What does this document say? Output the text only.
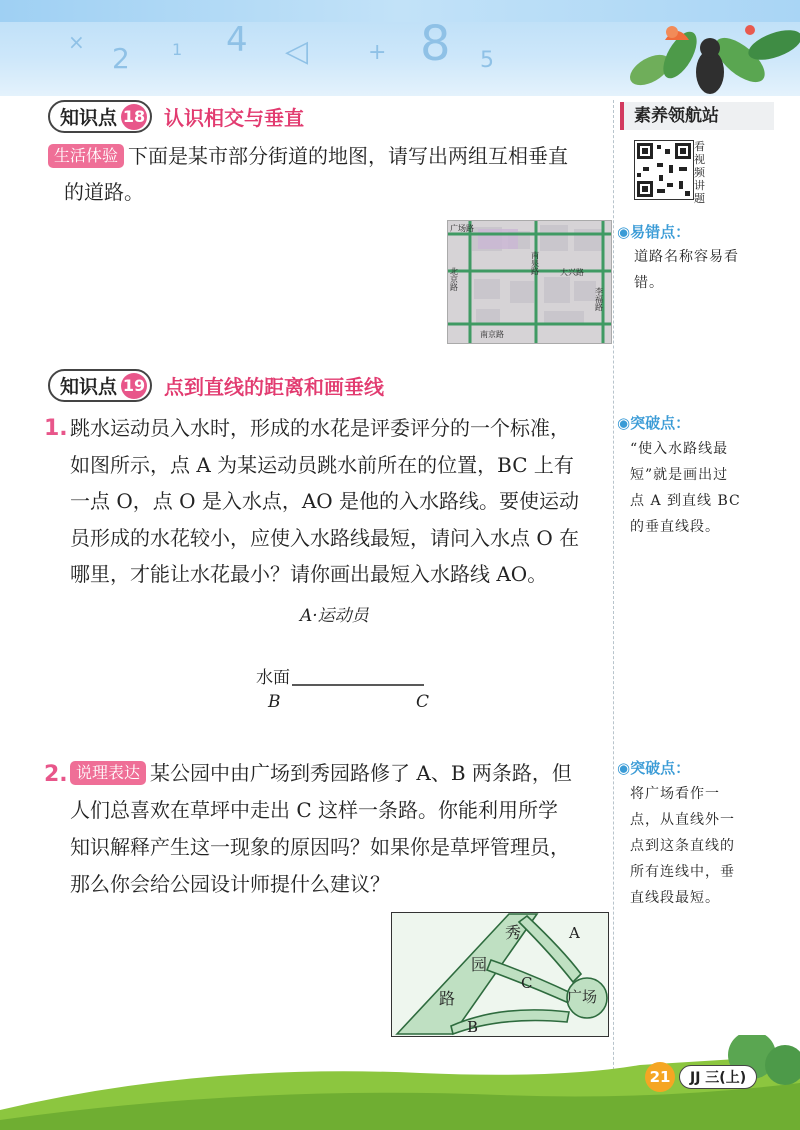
× 2	1 4 ◁	+ 8 5
素养领航站
看视频讲题
◉易错点：
道路名称容易看
错。
◉突破点：
“使入水路线最
短”就是画出过
点 A 到直线 BC
的垂直线段。
◉突破点：
将广场看作一
点，从直线外一
点到这条直线的
所有连线中，垂
直线段最短。
知识点 18 认识相交与垂直
生活体验 下面是某市部分街道的地图，请写出两组互相垂直
的道路。
广场路
大兴路
南京路
北京路
南泉路
李福路
知识点 19 点到直线的距离和画垂线
1. 跳水运动员入水时，形成的水花是评委评分的一个标准，
如图所示，点 A 为某运动员跳水前所在的位置，BC 上有
一点 O，点 O 是入水点，AO 是他的入水路线。要使运动
员形成的水花较小，应使入水路线最短，请问入水点 O 在
哪里，才能让水花最小？请你画出最短入水路线 AO。
A·运动员
水面
B	C
2. 说理表达 某公园中由广场到秀园路修了 A、B 两条路，但
人们总喜欢在草坪中走出 C 这样一条路。你能利用所学
知识解释产生这一现象的原因吗？如果你是草坪管理员，
那么你会给公园设计师提什么建议？
秀
园
路
A
C
B
广场
21	JJ 三(上)
